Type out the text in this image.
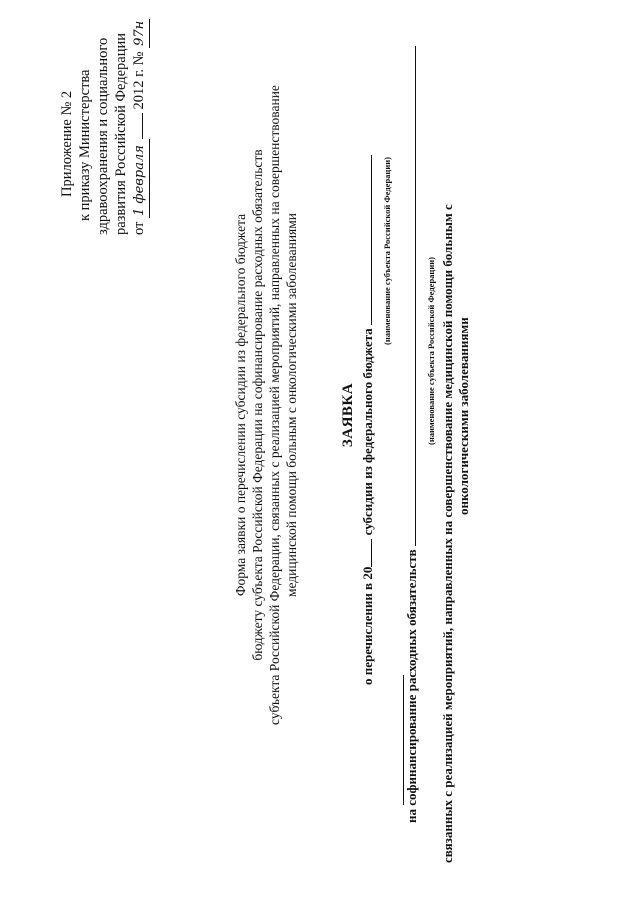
Приложение № 2 к приказу Министерства здравоохранения и социального развития Российской Федерации от 1 февраля 2012 г. № 97н
Форма заявки о перечислении субсидии из федерального бюджета бюджету субъекта Российской Федерации на софинансирование расходных обязательств субъекта Российской Федерации, связанных с реализацией мероприятий, направленных на совершенствование медицинской помощи больным с онкологическими заболеваниями	ЗАЯВКА
о перечислении в 20 субсидии из федерального бюджета
(наименование субъекта Российской Федерации)
на софинансирование расходных обязательств
(наименование субъекта Российской Федерации) связанных с реализацией мероприятий, направленных на совершенствование медицинской помощи больным с онкологическими заболеваниями
